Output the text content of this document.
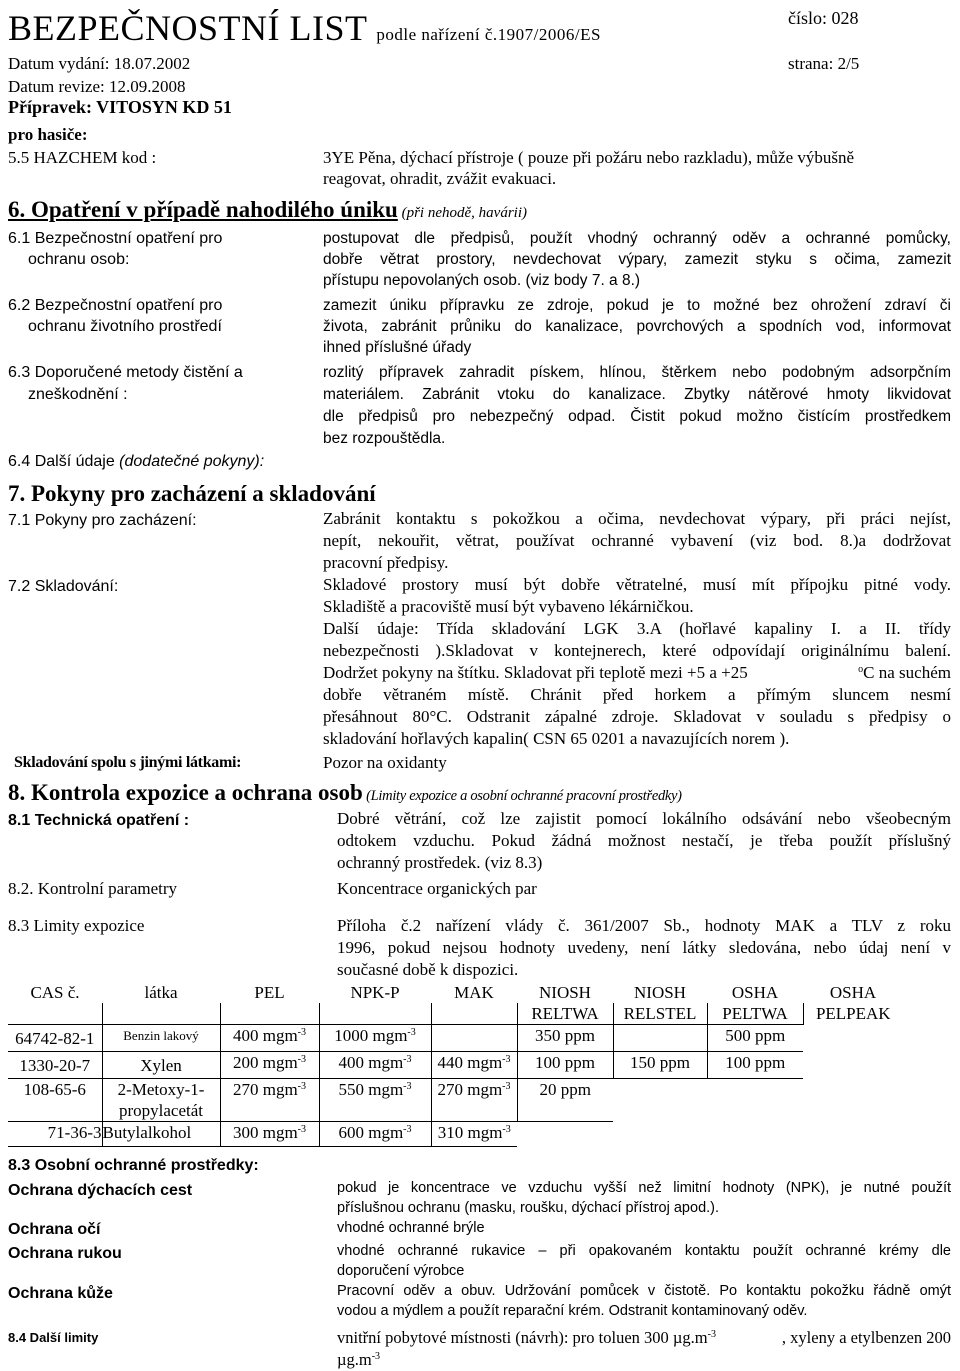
BEZPEČNOSTNÍ LIST podle nařízení č.1907/2006/ES
číslo: 028
Datum vydání: 18.07.2002	strana: 2/5
Datum revize: 12.09.2008
Přípravek: VITOSYN KD 51
pro hasiče:
5.5 HAZCHEM kod :	3YE Pěna, dýchací přístroje ( pouze při požáru nebo razkladu), může výbušně
reagovat, ohradit, zvážit evakuaci.
6. Opatření v případě nahodilého úniku (při nehodě, havárii)
6.1 Bezpečnostní opatření pro
ochranu osob:
postupovat dle předpisů, použít vhodný ochranný oděv a ochranné pomůcky,
dobře větrat prostory, nevdechovat výpary, zamezit styku s očima, zamezit
přístupu nepovolaných osob. (viz body 7. a 8.)
6.2 Bezpečnostní opatření pro
ochranu životního prostředí
zamezit úniku přípravku ze zdroje, pokud je to možné bez ohrožení zdraví či
života, zabránit průniku do kanalizace, povrchových a spodních vod, informovat
ihned příslušné úřady
6.3 Doporučené metody čistění a
zneškodnění :
rozlitý přípravek zahradit pískem, hlínou, štěrkem nebo podobným adsorpčním
materiálem. Zabránit vtoku do kanalizace. Zbytky nátěrové hmoty likvidovat
dle předpisů pro nebezpečný odpad. Čistit pokud možno čistícím prostředkem
bez rozpouštědla.
6.4 Další údaje (dodatečné pokyny):
7. Pokyny pro zacházení a skladování
7.1 Pokyny pro zacházení:	Zabránit kontaktu s pokožkou a očima, nevdechovat výpary, při práci nejíst,
nepít, nekouřit, větrat, používat ochranné vybavení (viz bod. 8.)a dodržovat
pracovní předpisy.
7.2 Skladování:	Skladové prostory musí být dobře větratelné, musí mít přípojku pitné vody.
Skladiště a pracoviště musí být vybaveno lékárničkou.
Další údaje: Třída skladování LGK 3.A (hořlavé kapaliny I. a II. třídy
nebezpečnosti ).Skladovat v kontejnerech, které odpovídají originálnímu balení.
Dodržet pokyny na štítku. Skladovat při teplotě mezi +5 a +25	$^o$C na suchém
dobře větraném místě. Chránit před horkem a přímým sluncem nesmí
přesáhnout 80°C. Odstranit zápalné zdroje. Skladovat v souladu s předpisy o
skladování hořlavých kapalin( CSN 65 0201 a navazujících norem ).
Skladování spolu s jinými látkami:	Pozor na oxidanty
8. Kontrola expozice a ochrana osob (Limity expozice a osobní ochranné pracovní prostředky)
8.1 Technická opatření :	Dobré větrání, což lze zajistit pomocí lokálního odsávání nebo všeobecným
odtokem vzduchu. Pokud žádná možnost nestačí, je třeba použít příslušný
ochranný prostředek. (viz 8.3)
8.2. Kontrolní parametry	Koncentrace organických par
8.3 Limity expozice	Příloha č.2 nařízení vlády č. 361/2007 Sb., hodnoty MAK a TLV z roku
1996, pokud nejsou hodnoty uvedeny, není látky sledována, nebo údaj není v
současné době k dispozici.
CAS č.	látka	PEL	NPK-P	MAK	NIOSH	NIOSH	OSHA	OSHA
					RELTWA	RELSTEL	PELTWA	PELPEAK
64742-82-1	Benzin lakový	400 mgm$^{-3}$	1000 mgm$^{-3}$		350 ppm		500 ppm	
1330-20-7	Xylen	200 mgm$^{-3}$	400 mgm$^{-3}$	440 mgm$^{-3}$	100 ppm	150 ppm	100 ppm	
108-65-6	2-Metoxy-1-
propylacetát	270 mgm$^{-3}$	550 mgm$^{-3}$	270 mgm$^{-3}$	20 ppm			
71-36-3	Butylalkohol	300 mgm$^{-3}$	600 mgm$^{-3}$	310 mgm$^{-3}$				
8.3 Osobní ochranné prostředky:
Ochrana dýchacích cest	pokud je koncentrace ve vzduchu vyšší než limitní hodnoty (NPK), je nutné použít
příslušnou ochranu (masku, roušku, dýchací přístroj apod.).
Ochrana očí	vhodné ochranné brýle
Ochrana rukou	vhodné ochranné rukavice – při opakovaném kontaktu použít ochranné krémy dle
doporučení výrobce
Ochrana kůže	Pracovní oděv a obuv. Udržování pomůcek v čistotě. Po kontaktu pokožku řádně omýt
vodou a mýdlem a použít reparační krém. Odstranit kontaminovaný oděv.
8.4 Další limity	vnitřní pobytové místnosti (návrh): pro toluen 300 $\mu g.m^{-3}$	, xyleny a etylbenzen 200
$\mu g.m^{-3}$
